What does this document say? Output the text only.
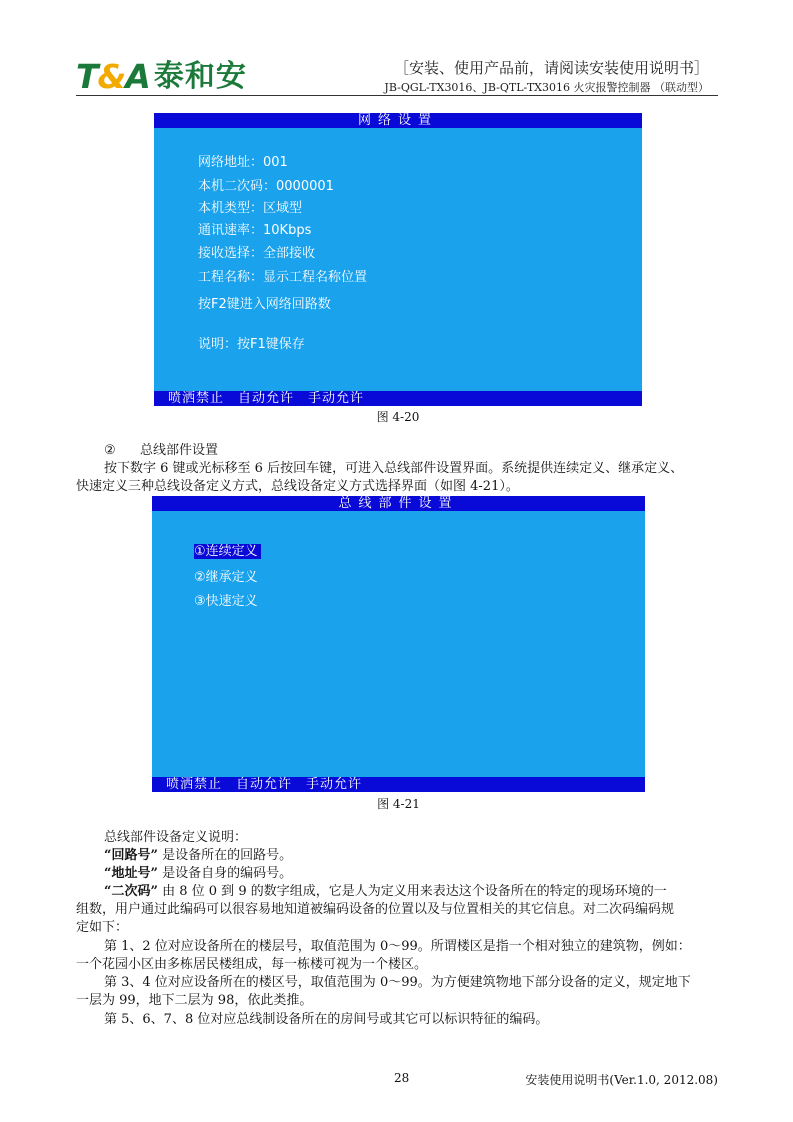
T&A 泰和安	［安装、使用产品前，请阅读安装使用说明书］
JB-QGL-TX3016、JB-QTL-TX3016 火灾报警控制器 （联动型）
网络设置
网络地址：001
本机二次码：0000001
本机类型：区域型
通讯速率：10Kbps
接收选择：全部接收
工程名称：显示工程名称位置
按F2键进入网络回路数
说明：按F1键保存
喷洒禁止 自动允许 手动允许
图 4-20
② 总线部件设置
按下数字 6 键或光标移至 6 后按回车键，可进入总线部件设置界面。系统提供连续定义、继承定义、
快速定义三种总线设备定义方式，总线设备定义方式选择界面（如图 4-21）。
总线部件设置
①连续定义
②继承定义
③快速定义
喷洒禁止 自动允许 手动允许
图 4-21
总线部件设备定义说明：
“回路号” 是设备所在的回路号。
“地址号” 是设备自身的编码号。
“二次码” 由 8 位 0 到 9 的数字组成，它是人为定义用来表达这个设备所在的特定的现场环境的一
组数，用户通过此编码可以很容易地知道被编码设备的位置以及与位置相关的其它信息。对二次码编码规
定如下：
第 1、2 位对应设备所在的楼层号，取值范围为 0～99。所谓楼区是指一个相对独立的建筑物，例如：
一个花园小区由多栋居民楼组成，每一栋楼可视为一个楼区。
第 3、4 位对应设备所在的楼区号，取值范围为 0～99。为方便建筑物地下部分设备的定义，规定地下
一层为 99，地下二层为 98，依此类推。
第 5、6、7、8 位对应总线制设备所在的房间号或其它可以标识特征的编码。
28	安装使用说明书(Ver.1.0, 2012.08)
